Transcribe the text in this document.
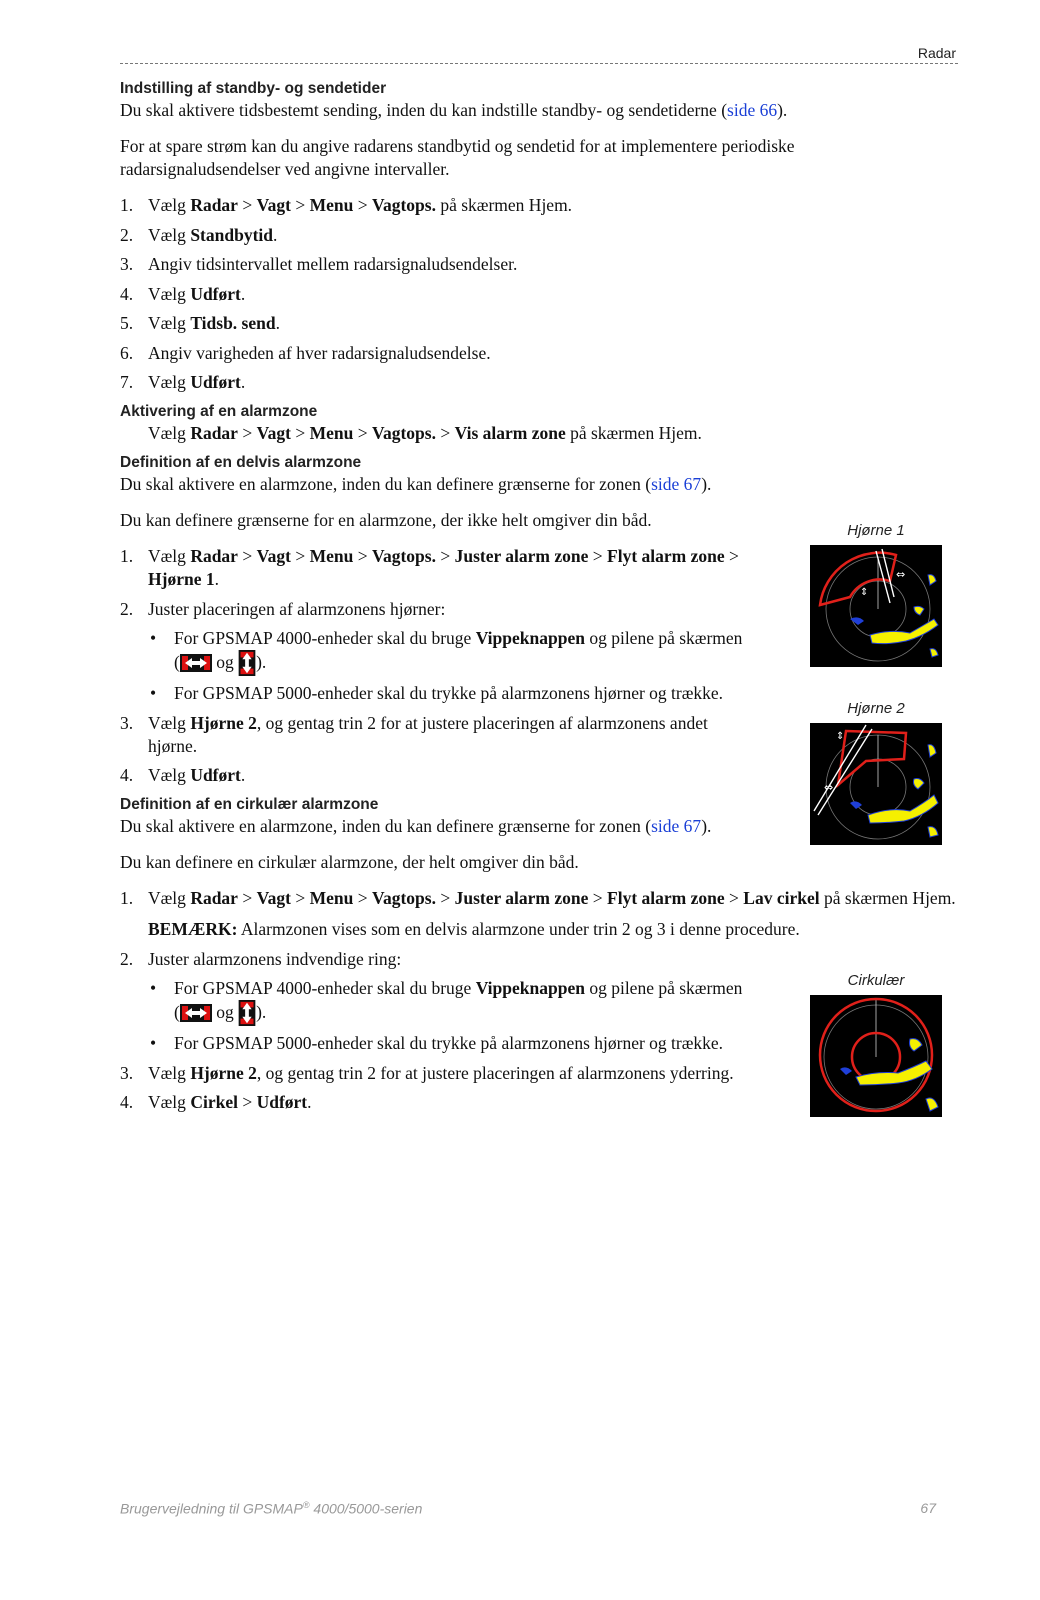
Radar
Indstilling af standby- og sendetider

Du skal aktivere tidsbestemt sending, inden du kan indstille standby- og sendetiderne (side 66).

For at spare strøm kan du angive radarens standbytid og sendetid for at implementere periodiske radarsignaludsendelser ved angivne intervaller.

1. Vælg Radar > Vagt > Menu > Vagtops. på skærmen Hjem.
2. Vælg Standbytid.
3. Angiv tidsintervallet mellem radarsignaludsendelser.
4. Vælg Udført.
5. Vælg Tidsb. send.
6. Angiv varigheden af hver radarsignaludsendelse.
7. Vælg Udført.
Aktivering af en alarmzone

Vælg Radar > Vagt > Menu > Vagtops. > Vis alarm zone på skærmen Hjem.

Definition af en delvis alarmzone

Du skal aktivere en alarmzone, inden du kan definere grænserne for zonen (side 67).

Du kan definere grænserne for en alarmzone, der ikke helt omgiver din båd.

1. Vælg Radar > Vagt > Menu > Vagtops. > Juster alarm zone > Flyt alarm zone > Hjørne 1.
2. Juster placeringen af alarmzonens hjørner:
• For GPSMAP 4000-enheder skal du bruge Vippeknappen og pilene på skærmen
( og ).
• For GPSMAP 5000-enheder skal du trykke på alarmzonens hjørner og trække.
3. Vælg Hjørne 2, og gentag trin 2 for at justere placeringen af alarmzonens andet hjørne.
4. Vælg Udført.
Definition af en cirkulær alarmzone

Du skal aktivere en alarmzone, inden du kan definere grænserne for zonen (side 67).

Du kan definere en cirkulær alarmzone, der helt omgiver din båd.

1. Vælg Radar > Vagt > Menu > Vagtops. > Juster alarm zone > Flyt alarm zone > Lav cirkel på skærmen Hjem.
BEMÆRK: Alarmzonen vises som en delvis alarmzone under trin 2 og 3 i denne procedure.
2. Juster alarmzonens indvendige ring:
• For GPSMAP 4000-enheder skal du bruge Vippeknappen og pilene på skærmen
( og ).
• For GPSMAP 5000-enheder skal du trykke på alarmzonens hjørner og trække.
3. Vælg Hjørne 2, og gentag trin 2 for at justere placeringen af alarmzonens yderring.
4. Vælg Cirkel > Udført.
Hjørne 1
⇔
⇕
Hjørne 2
⇕
⇔
Cirkulær
Brugervejledning til GPSMAP® 4000/5000-serien	67
